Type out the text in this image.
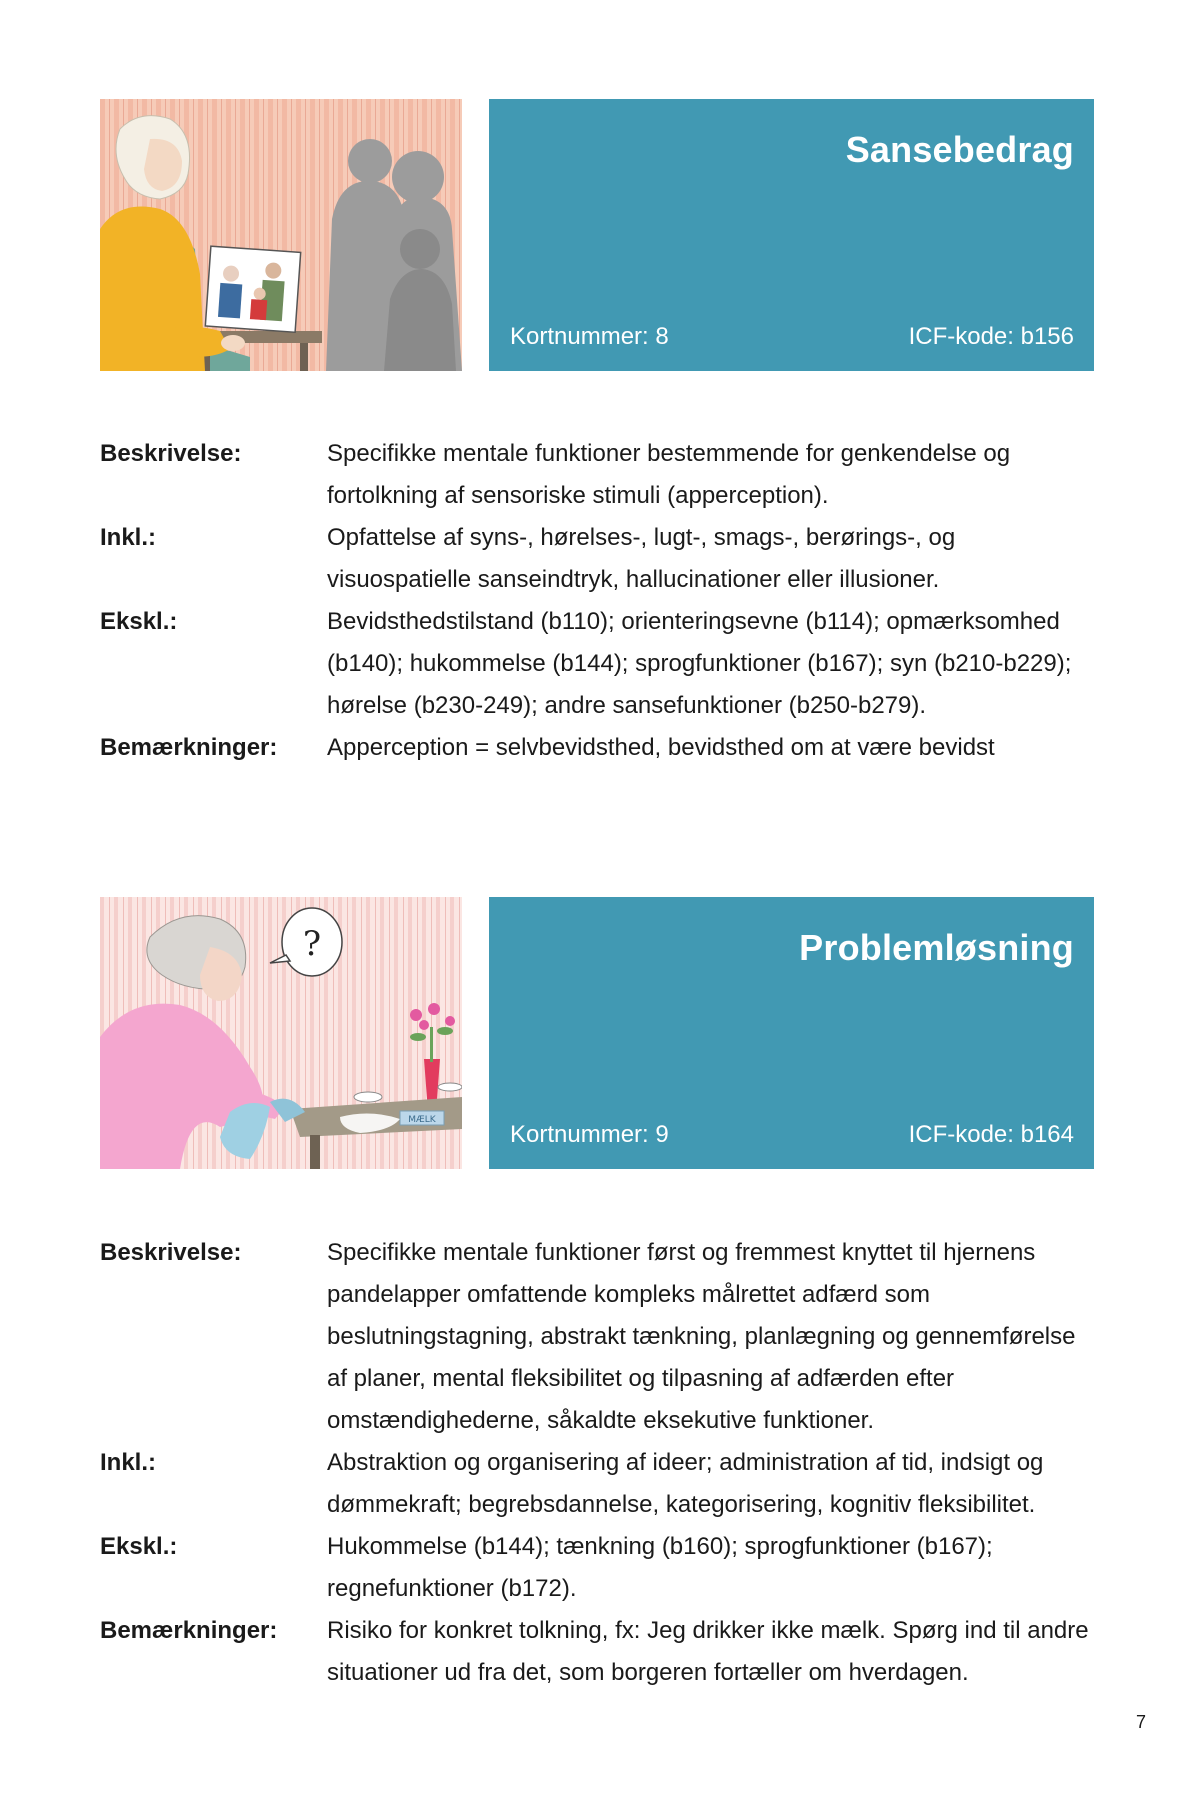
Sansebedrag
Kortnummer: 8	ICF-kode: b156
Beskrivelse:	Specifikke mentale funktioner bestemmende for genkendelse og fortolkning af sensoriske stimuli (apperception).
Inkl.:	Opfattelse af syns-, hørelses-, lugt-, smags-, berørings-, og visuospatielle sanseindtryk, hallucinationer eller illusioner.
Ekskl.:	Bevidsthedstilstand (b110); orienteringsevne (b114); opmærksomhed (b140); hukommelse (b144); sprogfunktioner (b167); syn (b210-b229); hørelse (b230-249); andre sansefunktioner (b250-b279).
Bemærkninger:	Apperception = selvbevidsthed, bevidsthed om at være bevidst
?
MÆLK
Problemløsning
Kortnummer: 9	ICF-kode: b164
Beskrivelse:	Specifikke mentale funktioner først og fremmest knyttet til hjernens pandelapper omfattende kompleks målrettet adfærd som beslutningstagning, abstrakt tænkning, planlægning og gennemførelse af planer, mental fleksibilitet og tilpasning af adfærden efter omstændighederne, såkaldte eksekutive funktioner.
Inkl.:	Abstraktion og organisering af ideer; administration af tid, indsigt og dømmekraft; begrebsdannelse, kategorisering, kognitiv fleksibilitet.
Ekskl.:	Hukommelse (b144); tænkning (b160); sprogfunktioner (b167); regnefunktioner (b172).
Bemærkninger:	Risiko for konkret tolkning, fx: Jeg drikker ikke mælk. Spørg ind til andre situationer ud fra det, som borgeren fortæller om hverdagen.
7
